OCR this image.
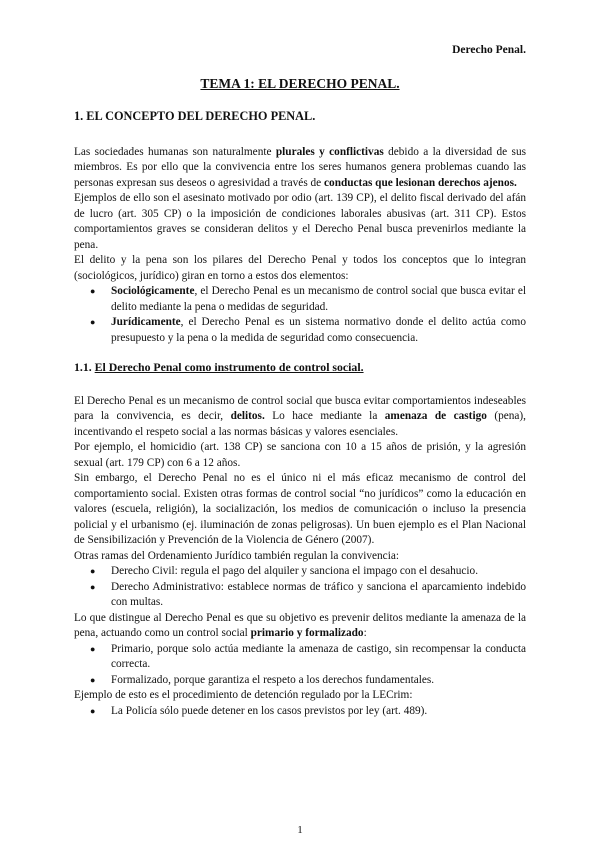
Derecho Penal.
TEMA 1: EL DERECHO PENAL.
1. EL CONCEPTO DEL DERECHO PENAL.

Las sociedades humanas son naturalmente plurales y conflictivas debido a la diversidad de sus miembros. Es por ello que la convivencia entre los seres humanos genera problemas cuando las personas expresan sus deseos o agresividad a través de conductas que lesionan derechos ajenos.

Ejemplos de ello son el asesinato motivado por odio (art. 139 CP), el delito fiscal derivado del afán de lucro (art. 305 CP) o la imposición de condiciones laborales abusivas (art. 311 CP). Estos comportamientos graves se consideran delitos y el Derecho Penal busca prevenirlos mediante la pena.

El delito y la pena son los pilares del Derecho Penal y todos los conceptos que lo integran (sociológicos, jurídico) giran en torno a estos dos elementos:

● Sociológicamente, el Derecho Penal es un mecanismo de control social que busca evitar el delito mediante la pena o medidas de seguridad.
● Jurídicamente, el Derecho Penal es un sistema normativo donde el delito actúa como presupuesto y la pena o la medida de seguridad como consecuencia.
1.1. El Derecho Penal como instrumento de control social.

El Derecho Penal es un mecanismo de control social que busca evitar comportamientos indeseables para la convivencia, es decir, delitos. Lo hace mediante la amenaza de castigo (pena), incentivando el respeto social a las normas básicas y valores esenciales.

Por ejemplo, el homicidio (art. 138 CP) se sanciona con 10 a 15 años de prisión, y la agresión sexual (art. 179 CP) con 6 a 12 años.

Sin embargo, el Derecho Penal no es el único ni el más eficaz mecanismo de control del comportamiento social. Existen otras formas de control social “no jurídicos” como la educación en valores (escuela, religión), la socialización, los medios de comunicación o incluso la presencia policial y el urbanismo (ej. iluminación de zonas peligrosas). Un buen ejemplo es el Plan Nacional de Sensibilización y Prevención de la Violencia de Género (2007).

Otras ramas del Ordenamiento Jurídico también regulan la convivencia:

● Derecho Civil: regula el pago del alquiler y sanciona el impago con el desahucio.
● Derecho Administrativo: establece normas de tráfico y sanciona el aparcamiento indebido con multas.

Lo que distingue al Derecho Penal es que su objetivo es prevenir delitos mediante la amenaza de la pena, actuando como un control social primario y formalizado:

● Primario, porque solo actúa mediante la amenaza de castigo, sin recompensar la conducta correcta.
● Formalizado, porque garantiza el respeto a los derechos fundamentales.

Ejemplo de esto es el procedimiento de detención regulado por la LECrim:

● La Policía sólo puede detener en los casos previstos por ley (art. 489).
1
